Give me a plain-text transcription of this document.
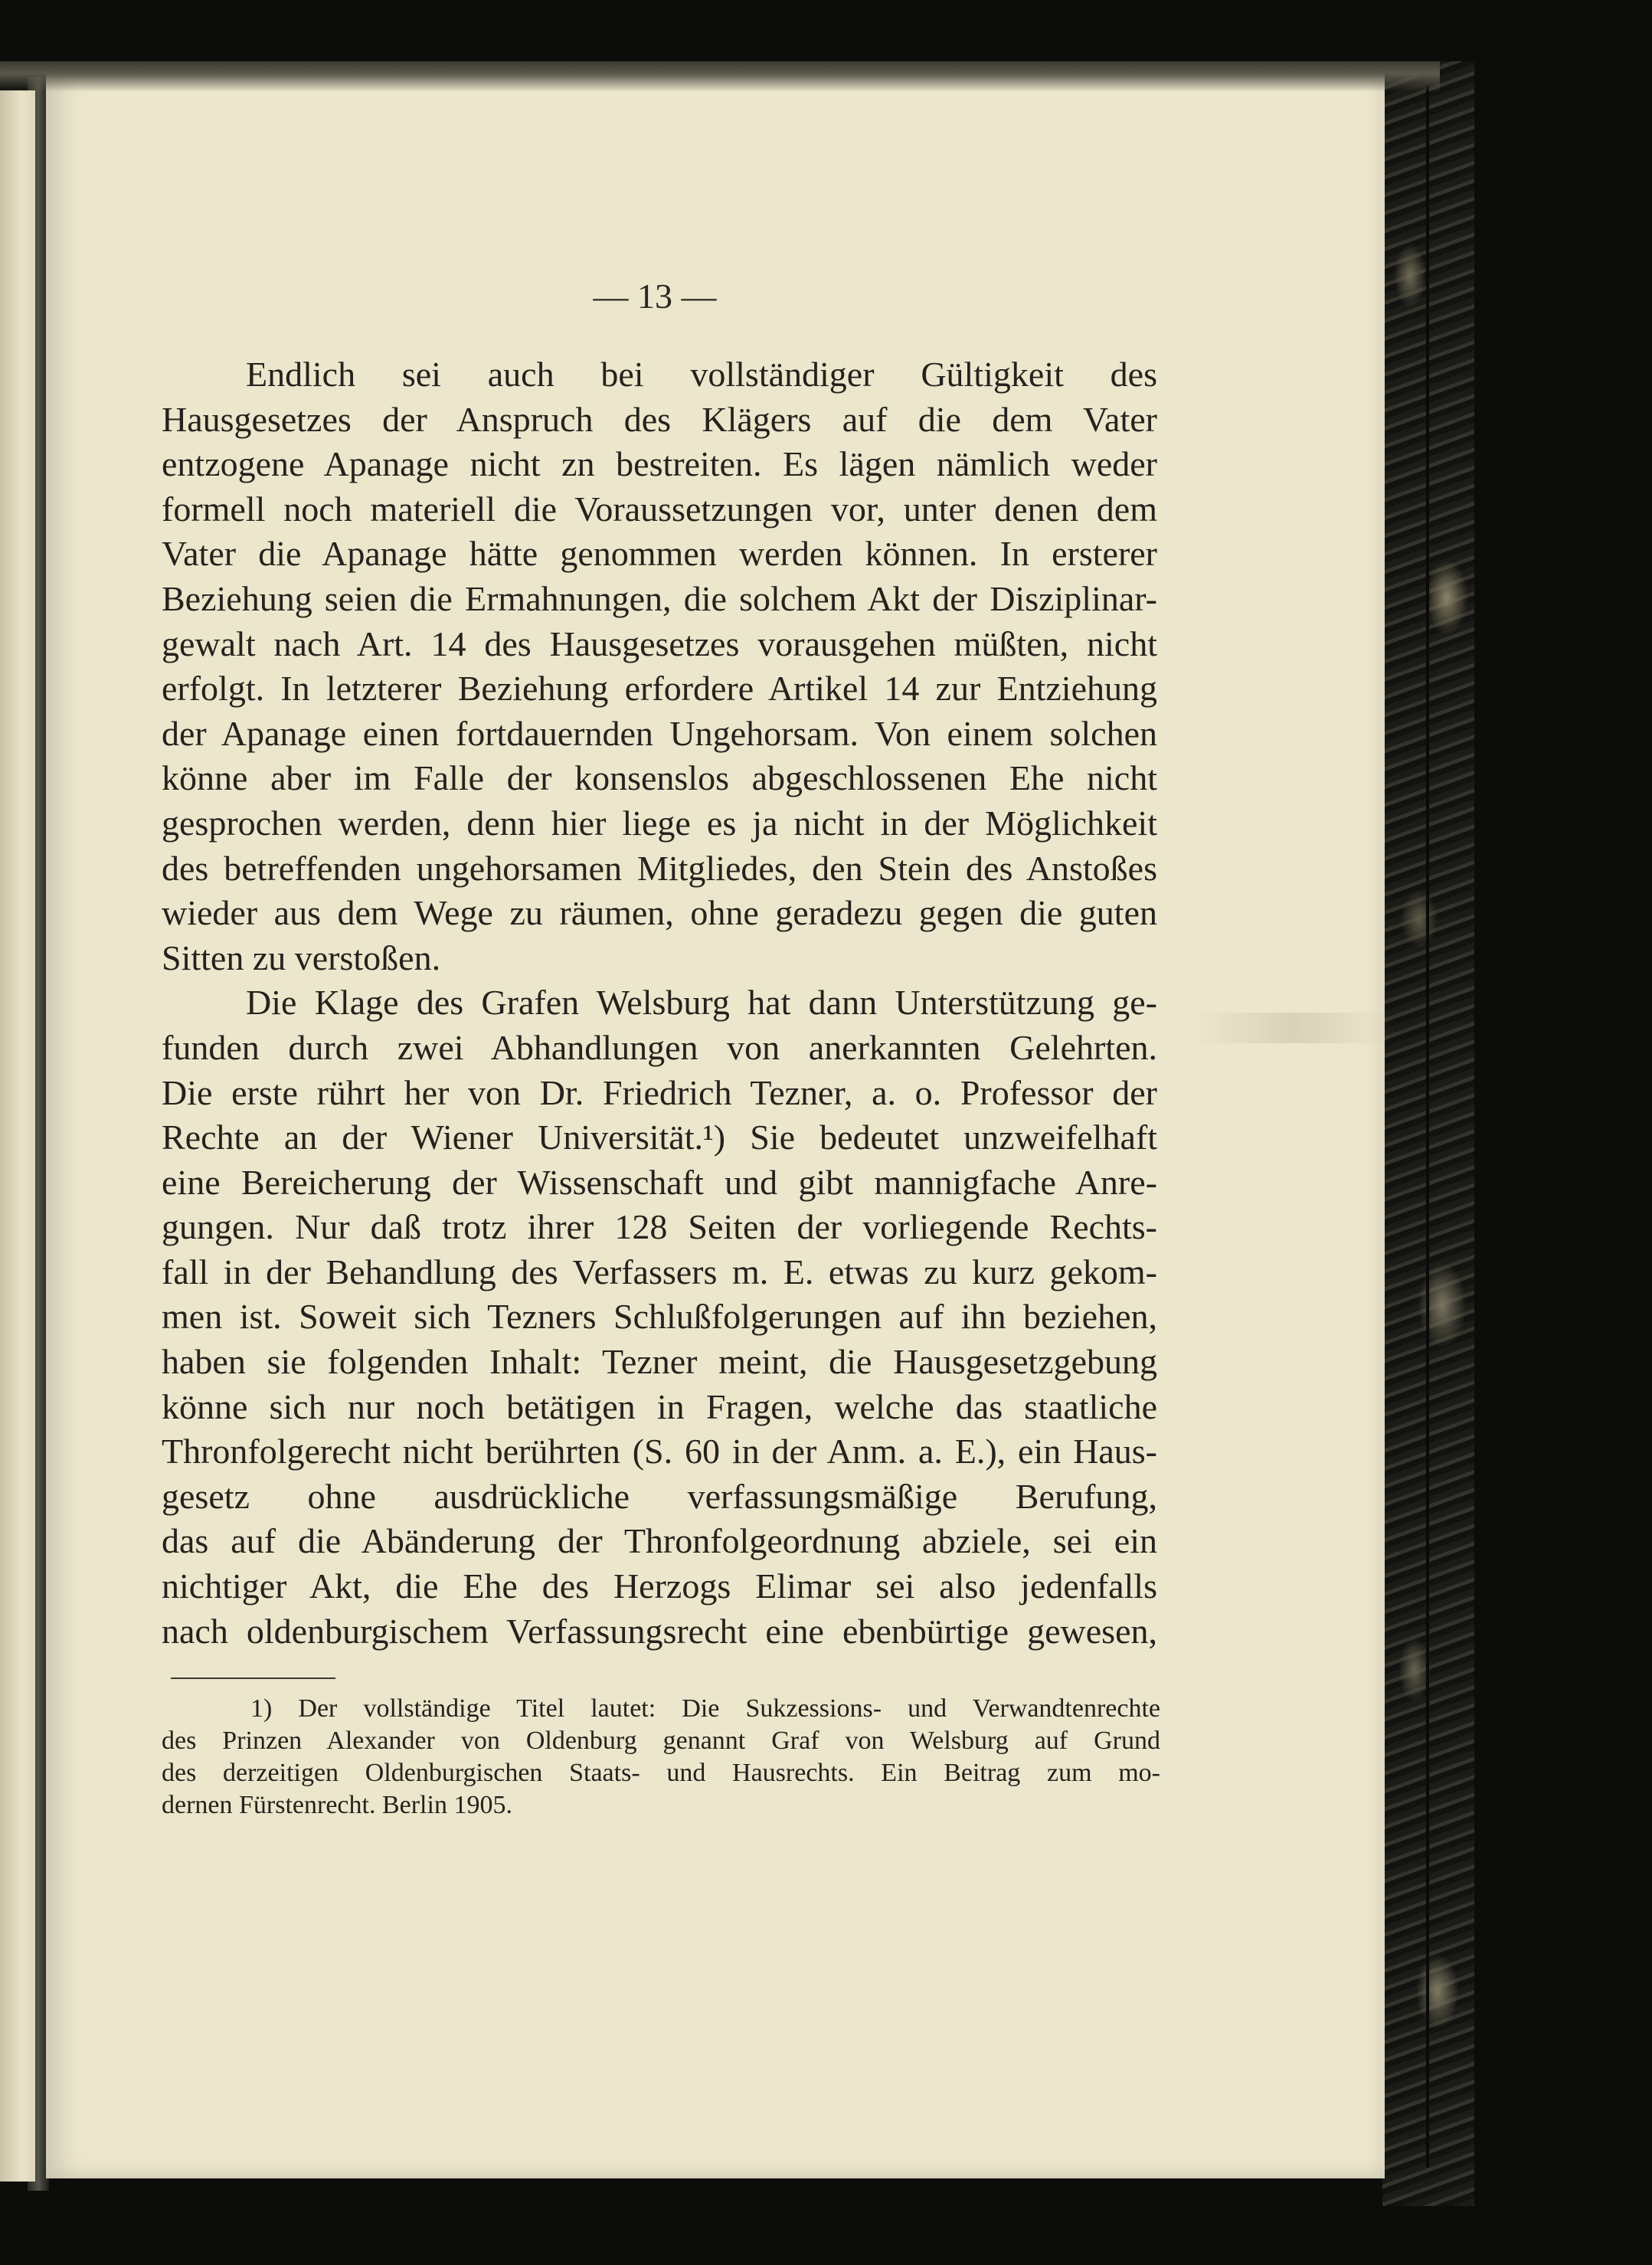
— 13 —
Endlich sei auch bei vollständiger Gültigkeit des
Hausgesetzes der Anspruch des Klägers auf die dem Vater
entzogene Apanage nicht zn bestreiten. Es lägen nämlich weder
formell noch materiell die Voraussetzungen vor, unter denen dem
Vater die Apanage hätte genommen werden können. In ersterer
Beziehung seien die Ermahnungen, die solchem Akt der Disziplinar-
gewalt nach Art. 14 des Hausgesetzes vorausgehen müßten, nicht
erfolgt. In letzterer Beziehung erfordere Artikel 14 zur Entziehung
der Apanage einen fortdauernden Ungehorsam. Von einem solchen
könne aber im Falle der konsenslos abgeschlossenen Ehe nicht
gesprochen werden, denn hier liege es ja nicht in der Möglichkeit
des betreffenden ungehorsamen Mitgliedes, den Stein des Anstoßes
wieder aus dem Wege zu räumen, ohne geradezu gegen die guten
Sitten zu verstoßen.
Die Klage des Grafen Welsburg hat dann Unterstützung ge-
funden durch zwei Abhandlungen von anerkannten Gelehrten.
Die erste rührt her von Dr. Friedrich Tezner, a. o. Professor der
Rechte an der Wiener Universität.¹) Sie bedeutet unzweifelhaft
eine Bereicherung der Wissenschaft und gibt mannigfache Anre-
gungen. Nur daß trotz ihrer 128 Seiten der vorliegende Rechts-
fall in der Behandlung des Verfassers m. E. etwas zu kurz gekom-
men ist. Soweit sich Tezners Schlußfolgerungen auf ihn beziehen,
haben sie folgenden Inhalt: Tezner meint, die Hausgesetzgebung
könne sich nur noch betätigen in Fragen, welche das staatliche
Thronfolgerecht nicht berührten (S. 60 in der Anm. a. E.), ein Haus-
gesetz ohne ausdrückliche verfassungsmäßige Berufung,
das auf die Abänderung der Thronfolgeordnung abziele, sei ein
nichtiger Akt, die Ehe des Herzogs Elimar sei also jedenfalls
nach oldenburgischem Verfassungsrecht eine ebenbürtige gewesen,
1) Der vollständige Titel lautet: Die Sukzessions- und Verwandtenrechte
des Prinzen Alexander von Oldenburg genannt Graf von Welsburg auf Grund
des derzeitigen Oldenburgischen Staats- und Hausrechts. Ein Beitrag zum mo-
dernen Fürstenrecht. Berlin 1905.
